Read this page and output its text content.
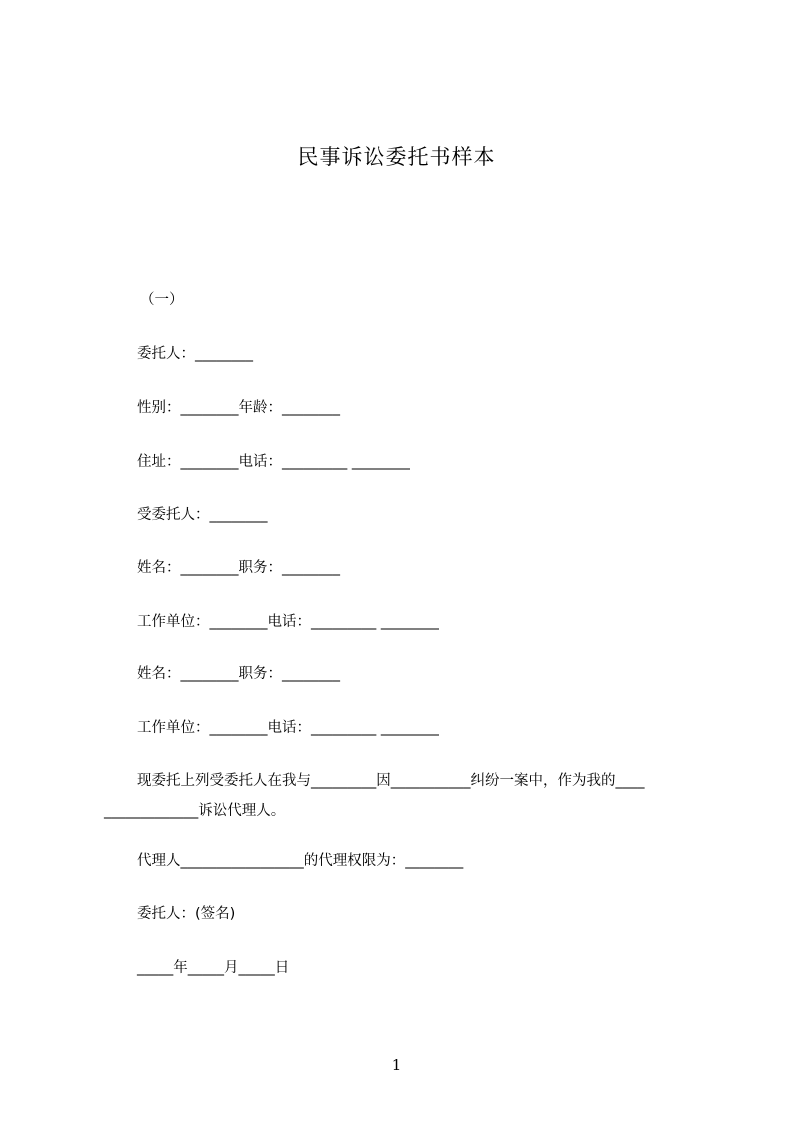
民事诉讼委托书样本
（一）
委托人：________
性别：________年龄：________
住址：________电话：_________ ________
受委托人：________
姓名：________职务：________
工作单位：________电话：_________ ________
姓名：________职务：________
工作单位：________电话：_________ ________
现委托上列受委托人在我与_________因___________纠纷一案中，作为我的____
_____________诉讼代理人。
代理人_________________的代理权限为：________
委托人：(签名)
_____年_____月_____日
1
